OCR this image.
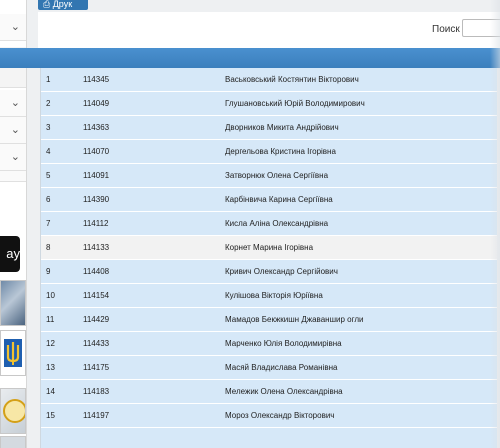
⌄
⌄
⌄
⌄
ay
⎙ Друк
Поиск
1	114345	Васьковський Костянтин Вікторович
2	114049	Глушановський Юрій Володимирович
3	114363	Дворников Микита Андрійович
4	114070	Дергельова Кристина Ігорівна
5	114091	Затворнюк Олена Сергіївна
6	114390	Карбінвича Карина Сергіївна
7	114112	Кисла Аліна Олександрівна
8	114133	Корнет Марина Ігорівна
9	114408	Кривич Олександр Сергійович
10	114154	Кулішова Вікторія Юріївна
11	114429	Мамадов Бекжкишн Джаваншир огли
12	114433	Марченко Юлія Володимирівна
13	114175	Масяй Владислава Романівна
14	114183	Мележик Олена Олександрівна
15	114197	Мороз Олександр Вікторович
